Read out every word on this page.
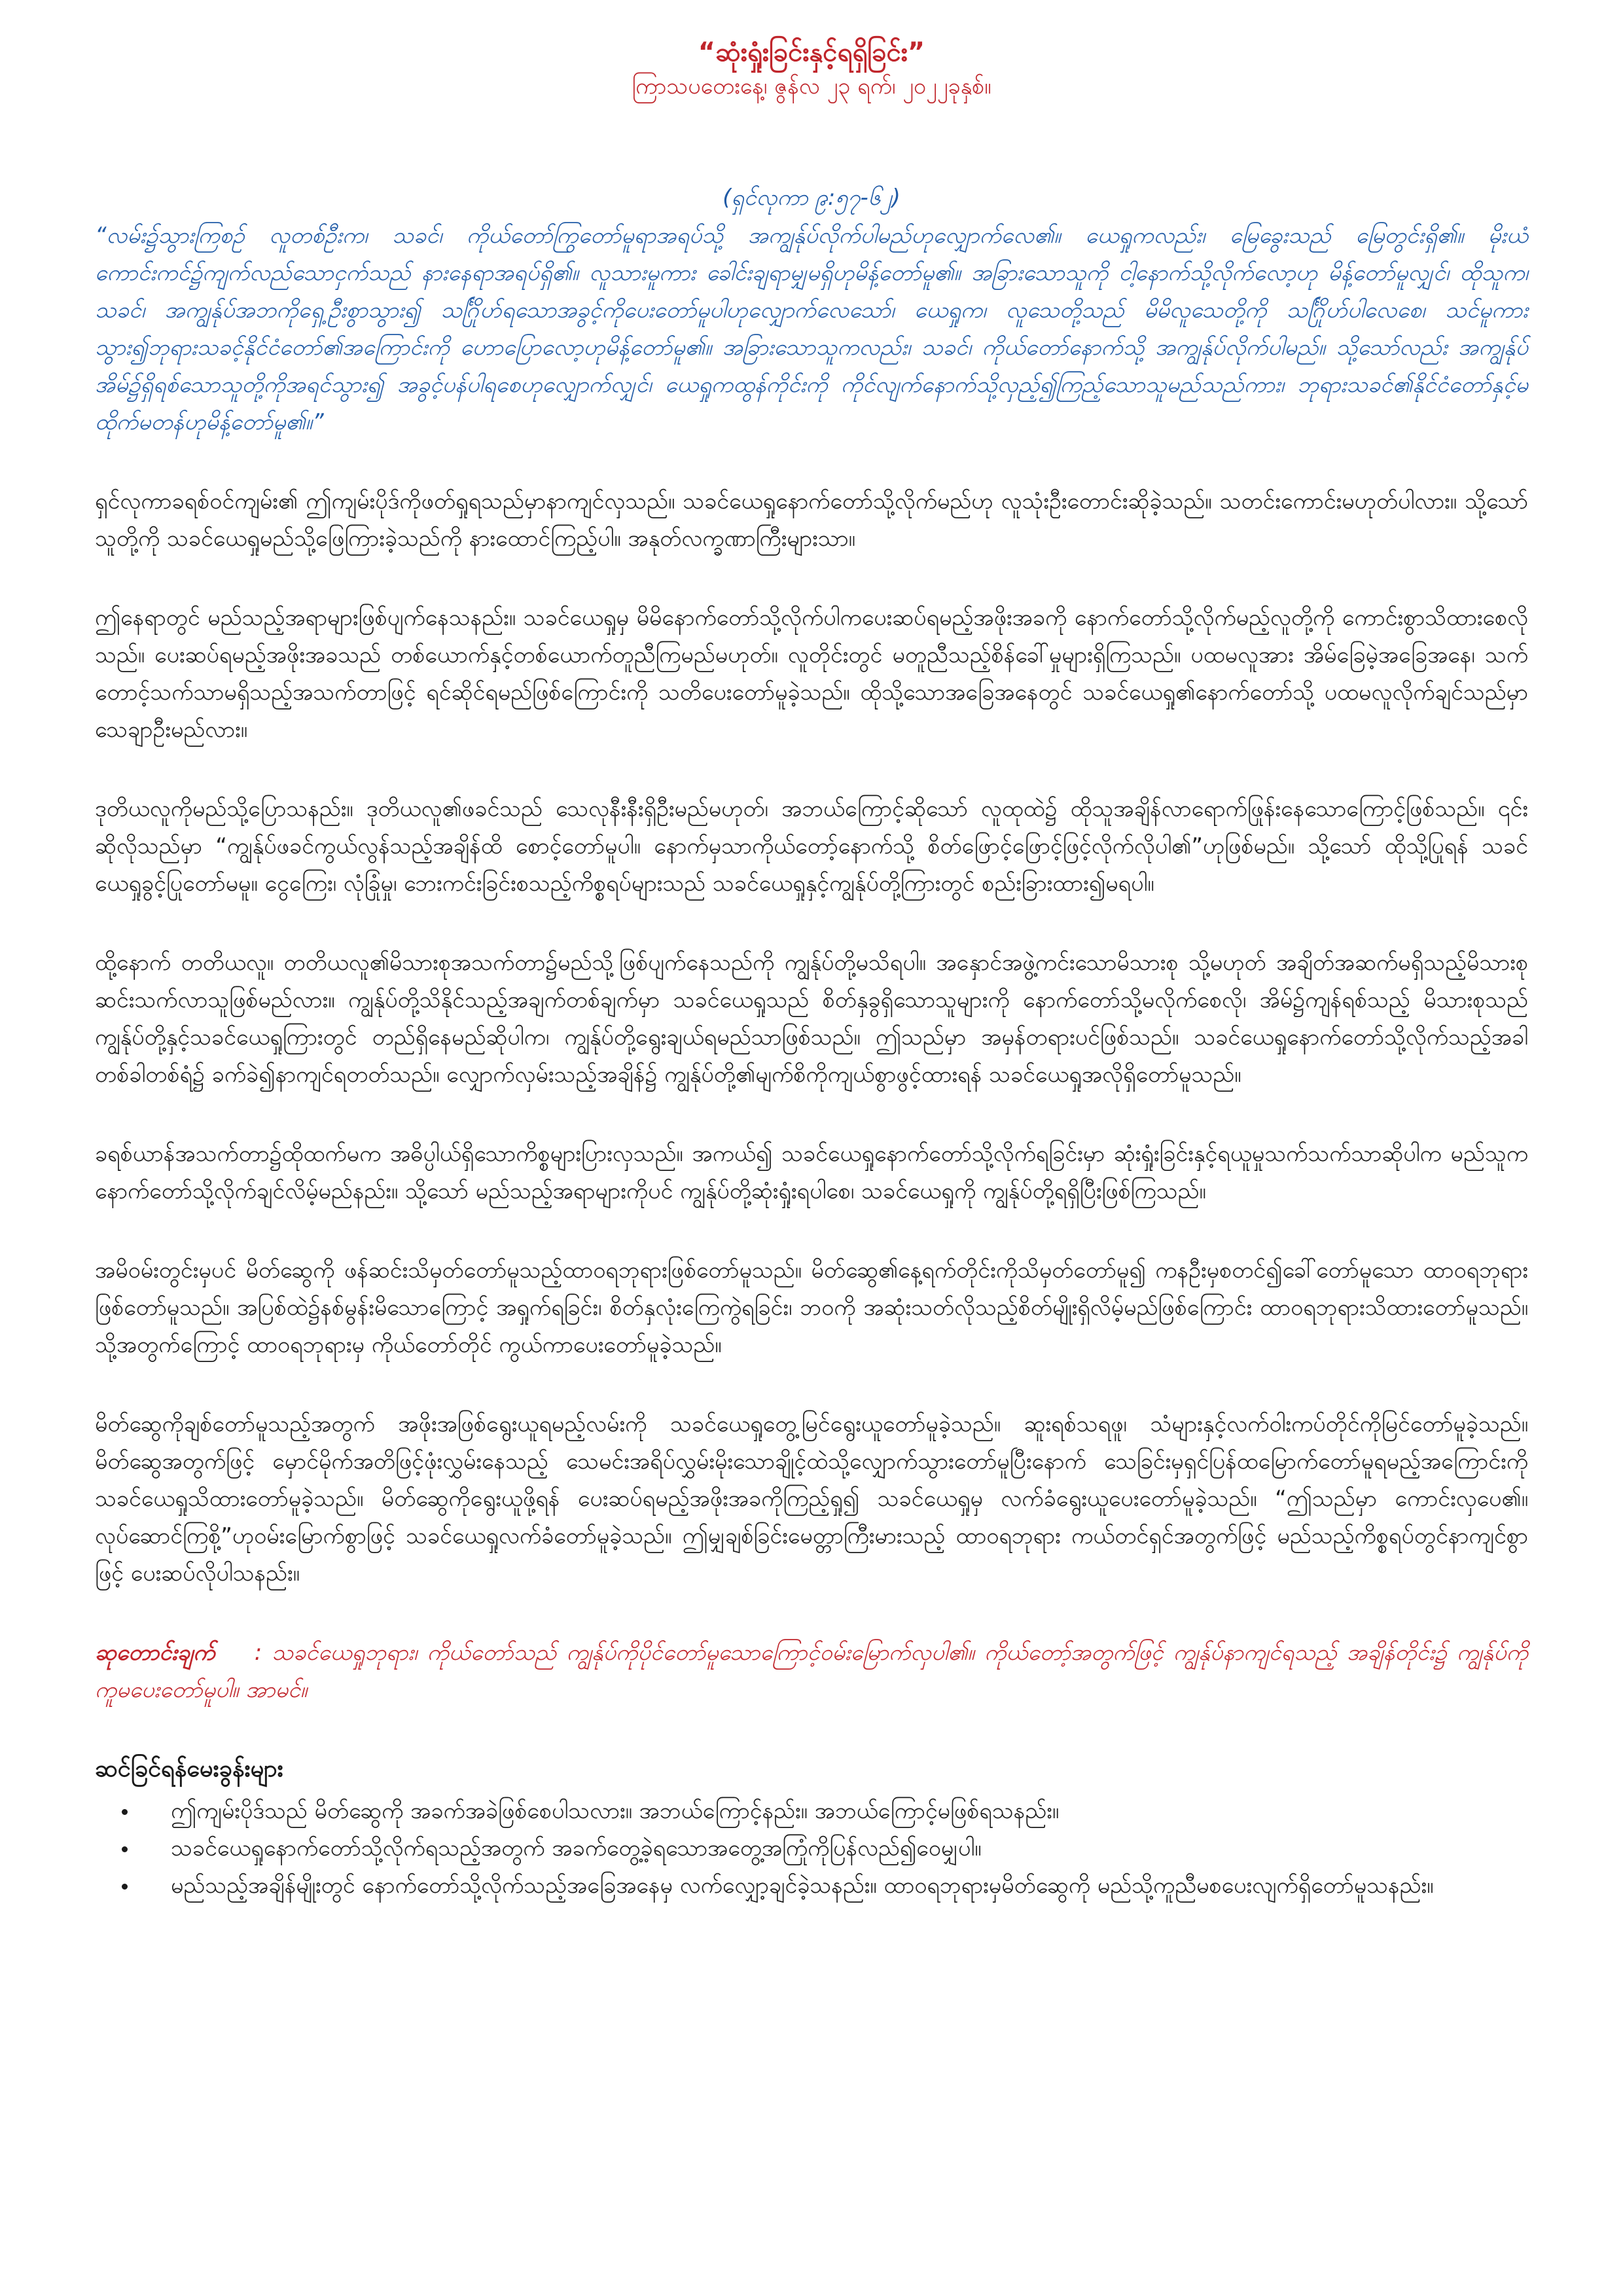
“ဆုံးရှုံးခြင်းနှင့်ရရှိခြင်း”
ကြာသပတေးနေ့၊ ဇွန်လ ၂၃ ရက်၊ ၂၀၂၂ခုနှစ်။
(ရှင်လုကာ ၉:၅၇-၆၂)
“လမ်း၌သွားကြစဉ် လူတစ်ဦးက၊ သခင်၊ ကိုယ်တော်ကြွတော်မူရာအရပ်သို့ အကျွန်ုပ်လိုက်ပါမည်ဟုလျှောက်လေ၏။ ယေရှုကလည်း၊ မြေခွေးသည် မြေတွင်းရှိ၏။ မိုးယံကောင်းကင်၌ကျက်လည်သောငှက်သည် နားနေရာအရပ်ရှိ၏။ လူသားမူကား ခေါင်းချရာမျှမရှိဟုမိန့်တော်မူ၏။ အခြားသောသူကို ငါ့နောက်သို့လိုက်လော့ဟု မိန့်တော်မူလျှင်၊ ထိုသူက၊ သခင်၊ အကျွန်ုပ်အဘကိုရှေ့ဦးစွာသွား၍ သင်္ဂြိုဟ်ရသောအခွင့်ကိုပေးတော်မူပါဟုလျှောက်လေသော်၊ ယေရှုက၊ လူသေတို့သည် မိမိလူသေတို့ကို သင်္ဂြိုဟ်ပါလေစေ၊ သင်မူကား သွား၍ဘုရားသခင့်နိုင်ငံတော်၏အကြောင်းကို ဟောပြောလော့ဟုမိန့်တော်မူ၏။ အခြားသောသူကလည်း၊ သခင်၊ ကိုယ်တော်နောက်သို့ အကျွန်ုပ်လိုက်ပါမည်။ သို့သော်လည်း အကျွန်ုပ်အိမ်၌ရှိရစ်သောသူတို့ကိုအရင်သွား၍ အခွင့်ပန်ပါရစေဟုလျှောက်လျှင်၊ ယေရှုကထွန်ကိုင်းကို ကိုင်လျက်နောက်သို့လှည့်၍ကြည့်သောသူမည်သည်ကား၊ ဘုရားသခင်၏နိုင်ငံတော်နှင့်မထိုက်မတန်ဟုမိန့်တော်မူ၏။”
ရှင်လုကာခရစ်ဝင်ကျမ်း၏ ဤကျမ်းပိုဒ်ကိုဖတ်ရှုရသည်မှာနာကျင်လှသည်။ သခင်ယေရှုနောက်တော်သို့လိုက်မည်ဟု လူသုံးဦးတောင်းဆိုခဲ့သည်။ သတင်းကောင်းမဟုတ်ပါလား။ သို့သော် သူတို့ကို သခင်ယေရှုမည်သို့ဖြေကြားခဲ့သည်ကို နားထောင်ကြည့်ပါ။ အနုတ်လက္ခဏာကြီးများသာ။
ဤနေရာတွင် မည်သည့်အရာများဖြစ်ပျက်နေသနည်း။ သခင်ယေရှုမှ မိမိနောက်တော်သို့လိုက်ပါကပေးဆပ်ရမည့်အဖိုးအခကို နောက်တော်သို့လိုက်မည့်လူတို့ကို ကောင်းစွာသိထားစေလိုသည်။ ပေးဆပ်ရမည့်အဖိုးအခသည် တစ်ယောက်နှင့်တစ်ယောက်တူညီကြမည်မဟုတ်။ လူတိုင်းတွင် မတူညီသည့်စိန်ခေါ်မှုများရှိကြသည်။ ပထမလူအား အိမ်ခြေမဲ့အခြေအနေ၊ သက်တောင့်သက်သာမရှိသည့်အသက်တာဖြင့် ရင်ဆိုင်ရမည်ဖြစ်ကြောင်းကို သတိပေးတော်မူခဲ့သည်။ ထိုသို့သောအခြေအနေတွင် သခင်ယေရှု၏နောက်တော်သို့ ပထမလူလိုက်ချင်သည်မှာ သေချာဦးမည်လား။
ဒုတိယလူကိုမည်သို့ပြောသနည်း။ ဒုတိယလူ၏ဖခင်သည် သေလုနီးနီးရှိဦးမည်မဟုတ်၊ အဘယ်ကြောင့်ဆိုသော် လူထုထဲ၌ ထိုသူအချိန်လာရောက်ဖြုန်းနေသောကြောင့်ဖြစ်သည်။ ၎င်းဆိုလိုသည်မှာ “ကျွန်ုပ်ဖခင်ကွယ်လွန်သည့်အချိန်ထိ စောင့်တော်မူပါ။ နောက်မှသာကိုယ်တော့်နောက်သို့ စိတ်ဖြောင့်ဖြောင့်ဖြင့်လိုက်လိုပါ၏”ဟုဖြစ်မည်။ သို့သော် ထိုသို့ပြုရန် သခင်ယေရှုခွင့်ပြုတော်မမူ။ ငွေကြေး၊ လုံခြုံမှု၊ ဘေးကင်းခြင်းစသည့်ကိစ္စရပ်များသည် သခင်ယေရှုနှင့်ကျွန်ုပ်တို့ကြားတွင် စည်းခြားထား၍မရပါ။
ထို့နောက် တတိယလူ။ တတိယလူ၏မိသားစုအသက်တာ၌မည်သို့ဖြစ်ပျက်နေသည်ကို ကျွန်ုပ်တို့မသိရပါ။ အနှောင်အဖွဲ့ကင်းသောမိသားစု သို့မဟုတ် အချိတ်အဆက်မရှိသည့်မိသားစုဆင်းသက်လာသူဖြစ်မည်လား။ ကျွန်ုပ်တို့သိနိုင်သည့်အချက်တစ်ချက်မှာ သခင်ယေရှုသည် စိတ်နှခွရှိသောသူများကို နောက်တော်သို့မလိုက်စေလို၊ အိမ်၌ကျန်ရစ်သည့် မိသားစုသည် ကျွန်ုပ်တို့နှင့်သခင်ယေရှုကြားတွင် တည်ရှိနေမည်ဆိုပါက၊ ကျွန်ုပ်တို့ရွေးချယ်ရမည်သာဖြစ်သည်။ ဤသည်မှာ အမှန်တရားပင်ဖြစ်သည်။ သခင်ယေရှုနောက်တော်သို့လိုက်သည့်အခါ တစ်ခါတစ်ရံ၌ ခက်ခဲ၍နာကျင်ရတတ်သည်။ လျှောက်လှမ်းသည့်အချိန်၌ ကျွန်ုပ်တို့၏မျက်စိကိုကျယ်စွာဖွင့်ထားရန် သခင်ယေရှုအလိုရှိတော်မူသည်။
ခရစ်ယာန်အသက်တာ၌ထိုထက်မက အဓိပ္ပါယ်ရှိသောကိစ္စများပြားလှသည်။ အကယ်၍ သခင်ယေရှုနောက်တော်သို့လိုက်ရခြင်းမှာ ဆုံးရှုံးခြင်းနှင့်ရယူမှုသက်သက်သာဆိုပါက မည်သူက နောက်တော်သို့လိုက်ချင်လိမ့်မည်နည်း။ သို့သော် မည်သည့်အရာများကိုပင် ကျွန်ုပ်တို့ဆုံးရှုံးရပါစေ၊ သခင်ယေရှုကို ကျွန်ုပ်တို့ရရှိပြီးဖြစ်ကြသည်။
အမိဝမ်းတွင်းမှပင် မိတ်ဆွေကို ဖန်ဆင်းသိမှတ်တော်မူသည့်ထာဝရဘုရားဖြစ်တော်မူသည်။ မိတ်ဆွေ၏နေ့ရက်တိုင်းကိုသိမှတ်တော်မူ၍ ကနဦးမှစတင်၍ခေါ်တော်မူသော ထာဝရဘုရားဖြစ်တော်မူသည်။ အပြစ်ထဲ၌နစ်မွန်းမိသောကြောင့် အရှုက်ရခြင်း၊ စိတ်နှလုံးကြေကွဲရခြင်း၊ ဘဝကို အဆုံးသတ်လိုသည့်စိတ်မျိုးရှိလိမ့်မည်ဖြစ်ကြောင်း ထာဝရဘုရားသိထားတော်မူသည်။ သို့အတွက်ကြောင့် ထာဝရဘုရားမှ ကိုယ်တော်တိုင် ကွယ်ကာပေးတော်မူခဲ့သည်။
မိတ်ဆွေကိုချစ်တော်မူသည့်အတွက် အဖိုးအဖြစ်ရွေးယူရမည့်လမ်းကို သခင်ယေရှုတွေ့မြင်ရွေးယူတော်မူခဲ့သည်။ ဆူးရစ်သရဖူ၊ သံများနှင့်လက်ဝါးကပ်တိုင်ကိုမြင်တော်မူခဲ့သည်။ မိတ်ဆွေအတွက်ဖြင့် မှောင်မိုက်အတိဖြင့်ဖုံးလွှမ်းနေသည့် သေမင်းအရိပ်လွှမ်းမိုးသောချိုင့်ထဲသို့လျှောက်သွားတော်မူပြီးနောက် သေခြင်းမှရှင်ပြန်ထမြောက်တော်မူရမည့်အကြောင်းကို သခင်ယေရှုသိထားတော်မူခဲ့သည်။ မိတ်ဆွေကိုရွေးယူဖို့ရန် ပေးဆပ်ရမည့်အဖိုးအခကိုကြည့်ရှု၍ သခင်ယေရှုမှ လက်ခံရွေးယူပေးတော်မူခဲ့သည်။ “ဤသည်မှာ ကောင်းလှပေ၏။ လုပ်ဆောင်ကြစို့”ဟုဝမ်းမြောက်စွာဖြင့် သခင်ယေရှုလက်ခံတော်မူခဲ့သည်။ ဤမျှချစ်ခြင်းမေတ္တာကြီးမားသည့် ထာဝရဘုရား ကယ်တင်ရှင်အတွက်ဖြင့် မည်သည့်ကိစ္စရပ်တွင်နာကျင်စွာဖြင့် ပေးဆပ်လိုပါသနည်း။
ဆုတောင်းချက် : သခင်ယေရှုဘုရား၊ ကိုယ်တော်သည် ကျွန်ုပ်ကိုပိုင်တော်မူသောကြောင့်ဝမ်းမြောက်လှပါ၏။ ကိုယ်တော့်အတွက်ဖြင့် ကျွန်ုပ်နာကျင်ရသည့် အချိန်တိုင်း၌ ကျွန်ုပ်ကိုကူမပေးတော်မူပါ။ အာမင်။
ဆင်ခြင်ရန်မေးခွန်းများ
• ဤကျမ်းပိုဒ်သည် မိတ်ဆွေကို အခက်အခဲဖြစ်စေပါသလား။ အဘယ်ကြောင့်နည်း။ အဘယ်ကြောင့်မဖြစ်ရသနည်း။
• သခင်ယေရှုနောက်တော်သို့လိုက်ရသည့်အတွက် အခက်တွေ့ခဲ့ရသောအတွေ့အကြုံကိုပြန်လည်၍ဝေမျှပါ။
• မည်သည့်အချိန်မျိုးတွင် နောက်တော်သို့လိုက်သည့်အခြေအနေမှ လက်လျှော့ချင်ခဲ့သနည်း။ ထာဝရဘုရားမှမိတ်ဆွေကို မည်သို့ကူညီမစပေးလျက်ရှိတော်မူသနည်း။
